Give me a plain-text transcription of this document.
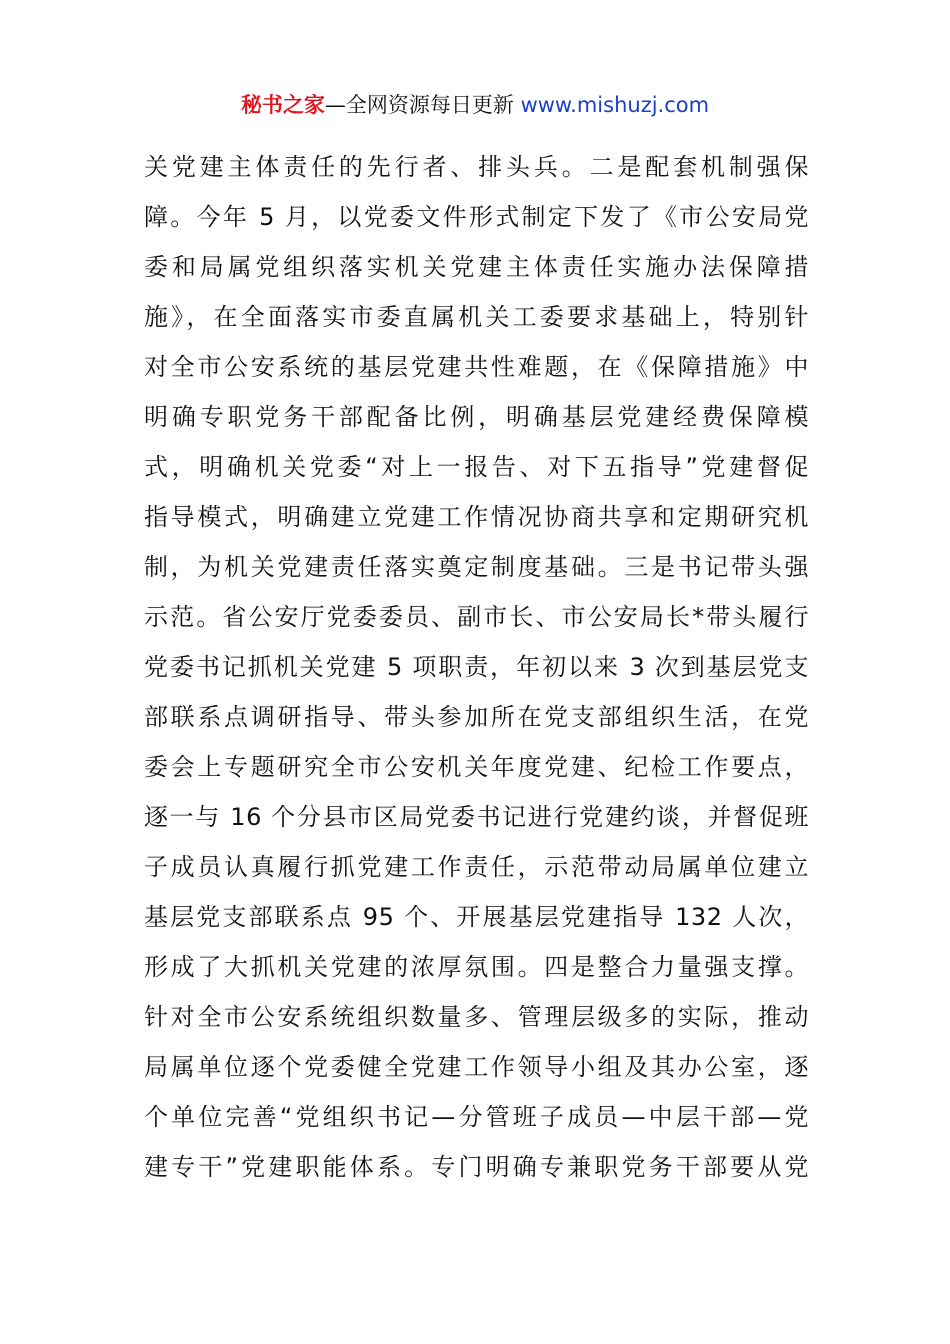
秘书之家—全网资源每日更新 www.mishuzj.com
关党建主体责任的先行者、排头兵。二是配套机制强保
障。今年 5 月，以党委文件形式制定下发了《市公安局党
委和局属党组织落实机关党建主体责任实施办法保障措
施》，在全面落实市委直属机关工委要求基础上，特别针
对全市公安系统的基层党建共性难题，在《保障措施》中
明确专职党务干部配备比例，明确基层党建经费保障模
式，明确机关党委“对上一报告、对下五指导”党建督促
指导模式，明确建立党建工作情况协商共享和定期研究机
制，为机关党建责任落实奠定制度基础。三是书记带头强
示范。省公安厅党委委员、副市长、市公安局长*带头履行
党委书记抓机关党建 5 项职责，年初以来 3 次到基层党支
部联系点调研指导、带头参加所在党支部组织生活，在党
委会上专题研究全市公安机关年度党建、纪检工作要点，
逐一与 16 个分县市区局党委书记进行党建约谈，并督促班
子成员认真履行抓党建工作责任，示范带动局属单位建立
基层党支部联系点 95 个、开展基层党建指导 132 人次，
形成了大抓机关党建的浓厚氛围。四是整合力量强支撑。
针对全市公安系统组织数量多、管理层级多的实际，推动
局属单位逐个党委健全党建工作领导小组及其办公室，逐
个单位完善“党组织书记—分管班子成员—中层干部—党
建专干”党建职能体系。专门明确专兼职党务干部要从党
